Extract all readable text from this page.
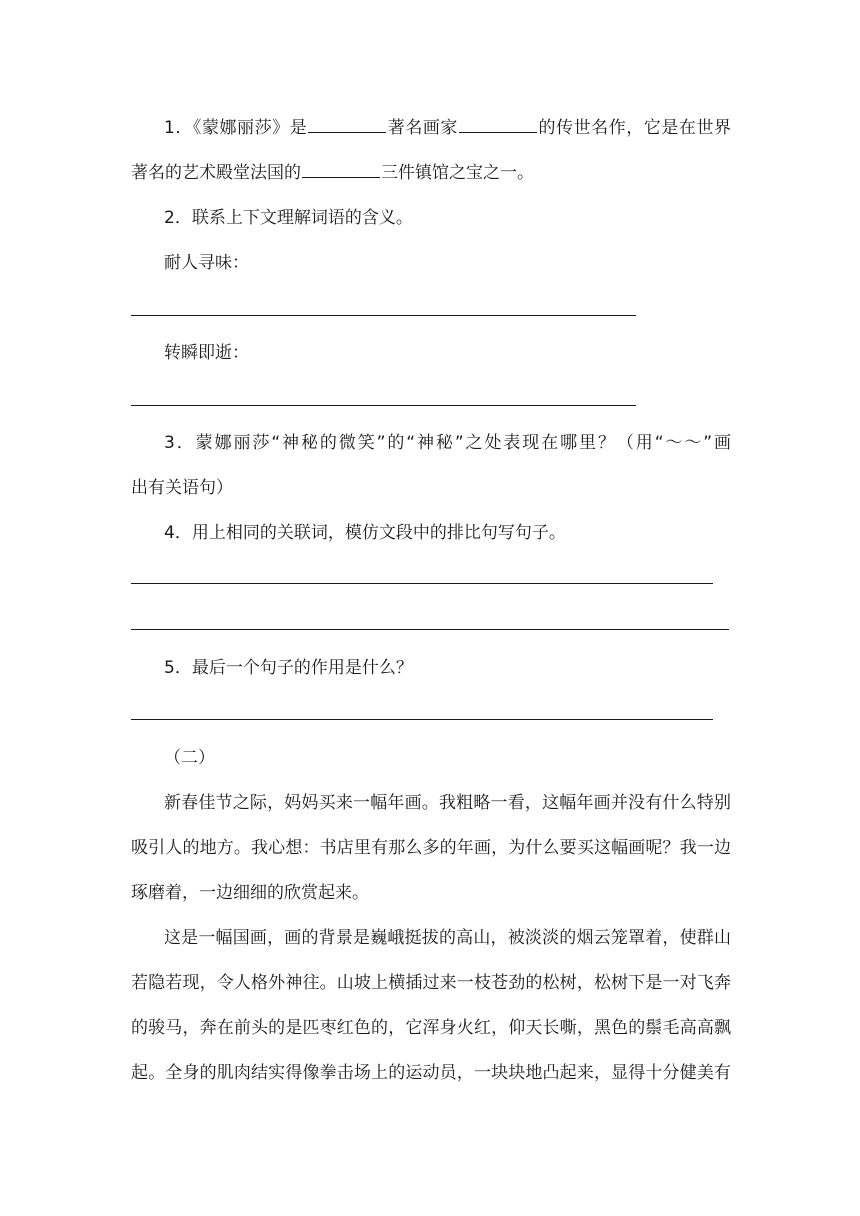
1．《蒙娜丽莎》是	著名画家	的传世名作，它是在世界
著名的艺术殿堂法国的	三件镇馆之宝之一。
2．联系上下文理解词语的含义。
耐人寻味：
转瞬即逝：
3．蒙娜丽莎“神秘的微笑”的“神秘”之处表现在哪里？（用“～～”画
出有关语句）
4．用上相同的关联词，模仿文段中的排比句写句子。
5．最后一个句子的作用是什么？
（二）
新春佳节之际，妈妈买来一幅年画。我粗略一看，这幅年画并没有什么特别
吸引人的地方。我心想：书店里有那么多的年画，为什么要买这幅画呢？我一边
琢磨着，一边细细的欣赏起来。
这是一幅国画，画的背景是巍峨挺拔的高山，被淡淡的烟云笼罩着，使群山
若隐若现，令人格外神往。山坡上横插过来一枝苍劲的松树，松树下是一对飞奔
的骏马，奔在前头的是匹枣红色的，它浑身火红，仰天长嘶，黑色的鬃毛高高飘
起。全身的肌肉结实得像拳击场上的运动员，一块块地凸起来，显得十分健美有
